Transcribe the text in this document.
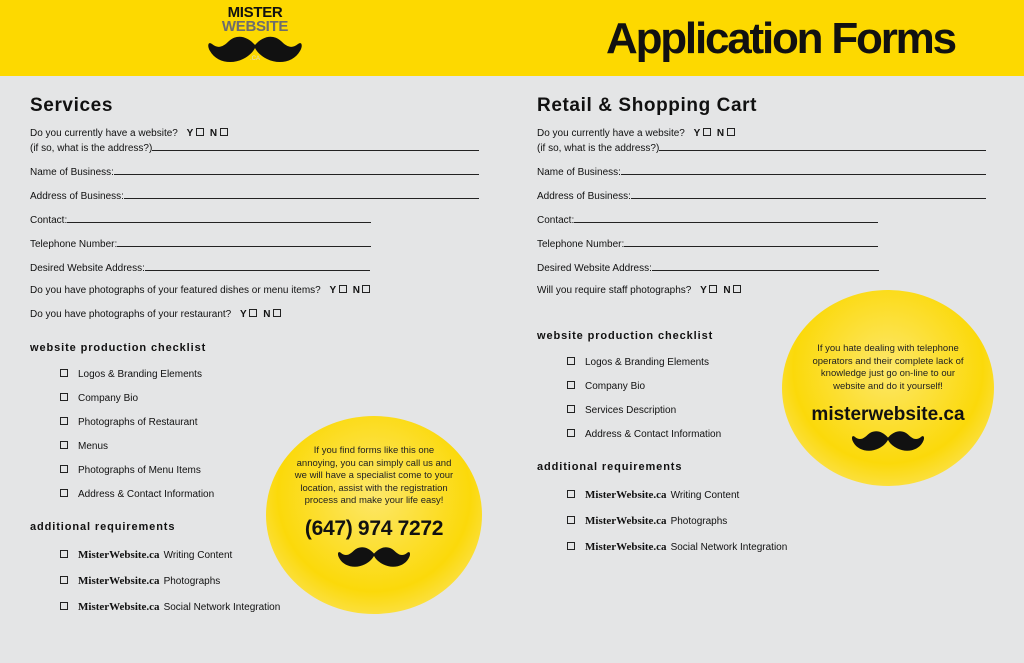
MISTER
WEBSITE
.CA	Application Forms
Services
Do you currently have a website? Y N
(if so, what is the address?)
Name of Business:
Address of Business:
Contact:
Telephone Number:
Desired Website Address:
Do you have photographs of your featured dishes or menu items? Y N
Do you have photographs of your restaurant? Y N
website production checklist
Logos & Branding Elements
Company Bio
Photographs of Restaurant
Menus
Photographs of Menu Items
Address & Contact Information
additional requirements
MisterWebsite.ca Writing Content
MisterWebsite.ca Photographs
MisterWebsite.ca Social Network Integration
If you find forms like this one annoying, you can simply call us and we will have a specialist come to your location, assist with the registration process and make your life easy!
(647) 974 7272
Retail & Shopping Cart
Do you currently have a website? Y N
(if so, what is the address?)
Name of Business:
Address of Business:
Contact:
Telephone Number:
Desired Website Address:
Will you require staff photographs? Y N
website production checklist
Logos & Branding Elements
Company Bio
Services Description
Address & Contact Information
additional requirements
MisterWebsite.ca Writing Content
MisterWebsite.ca Photographs
MisterWebsite.ca Social Network Integration
If you hate dealing with telephone operators and their complete lack of knowledge just go on-line to our website and do it yourself!
misterwebsite.ca
